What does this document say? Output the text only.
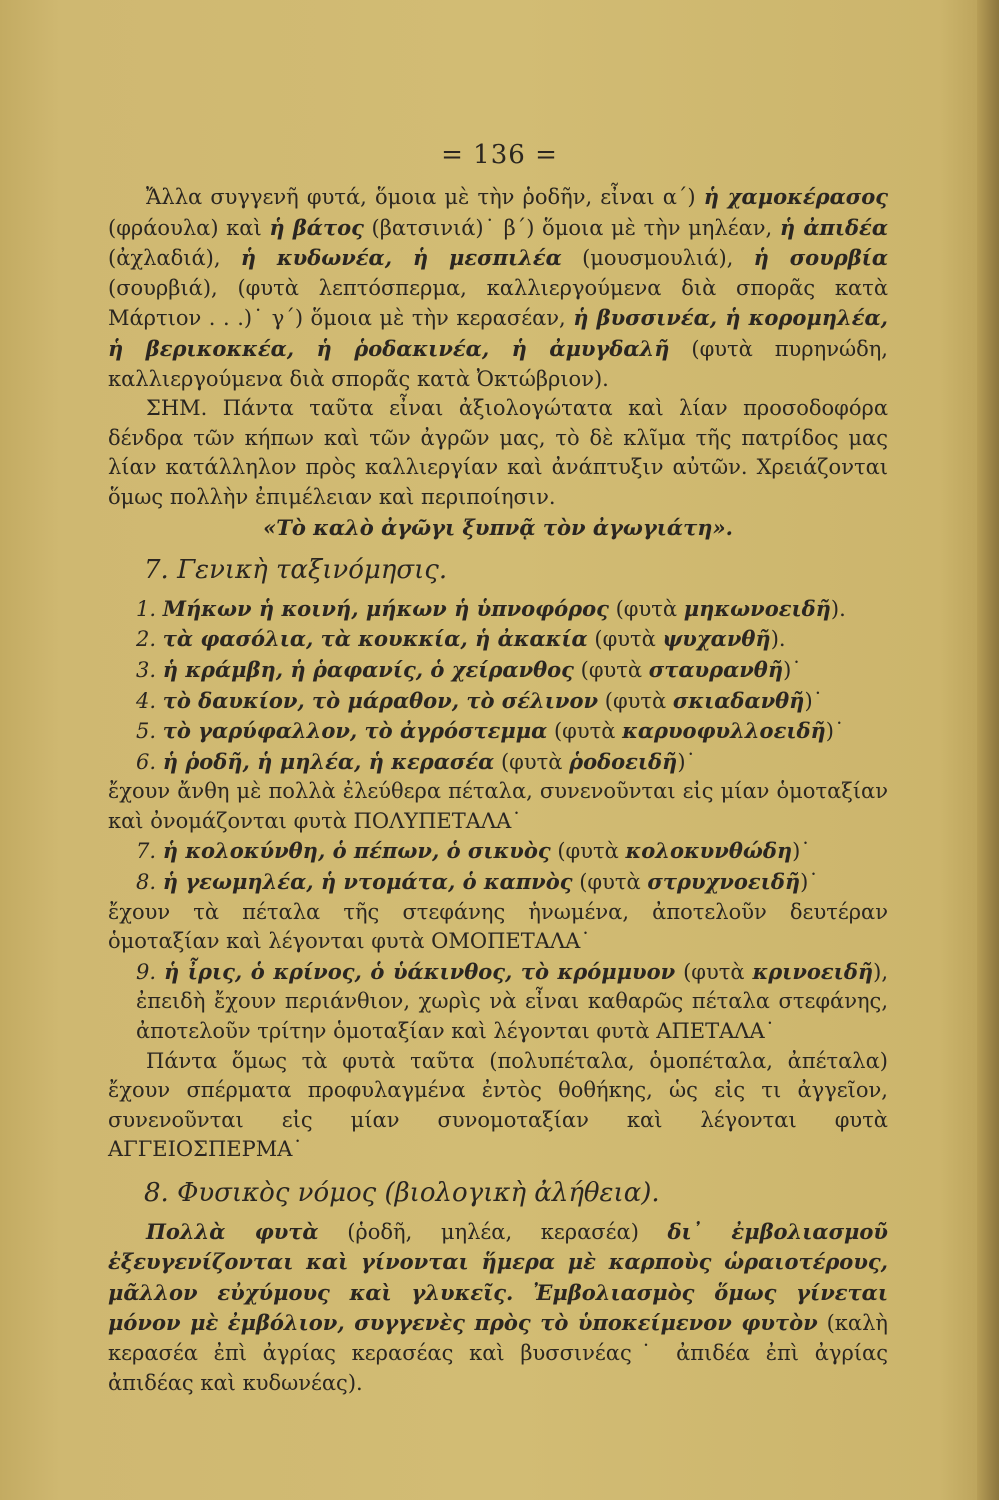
= 136 =

Ἄλλα συγγενῆ φυτά, ὅμοια μὲ τὴν ῥοδῆν, εἶναι α΄) ἡ χαμοκέρασος (φράουλα) καὶ ἡ βάτος (βατσινιά)˙ β΄) ὅμοια μὲ τὴν μηλέαν, ἡ ἀπιδέα (ἀχλαδιά), ἡ κυδωνέα, ἡ μεσπιλέα (μουσμουλιά), ἡ σουρβία (σουρβιά), (φυτὰ λεπτόσπερμα, καλλιεργούμενα διὰ σπορᾶς κατὰ Μάρτιον . . .)˙ γ΄) ὅμοια μὲ τὴν κερασέαν, ἡ βυσσινέα, ἡ κορομηλέα, ἡ βερικοκκέα, ἡ ῥοδακινέα, ἡ ἀμυγδαλῆ (φυτὰ πυρηνώδη, καλλιεργούμενα διὰ σπορᾶς κατὰ Ὀκτώβριον).

ΣΗΜ. Πάντα ταῦτα εἶναι ἀξιολογώτατα καὶ λίαν προσοδοφόρα δένδρα τῶν κήπων καὶ τῶν ἀγρῶν μας, τὸ δὲ κλῖμα τῆς πατρίδος μας λίαν κατάλληλον πρὸς καλλιεργίαν καὶ ἀνάπτυξιν αὐτῶν. Χρειάζονται ὅμως πολλὴν ἐπιμέλειαν καὶ περιποίησιν.

«Τὸ καλὸ ἀγῶγι ξυπνᾷ τὸν ἀγωγιάτη».

7. Γενικὴ ταξινόμησις.

1. Μήκων ἡ κοινή, μήκων ἡ ὑπνοφόρος (φυτὰ μηκωνοειδῆ).

2. τὰ φασόλια, τὰ κουκκία, ἡ ἀκακία (φυτὰ ψυχανθῆ).

3. ἡ κράμβη, ἡ ῥαφανίς, ὁ χείρανθος (φυτὰ σταυρανθῆ)˙

4. τὸ δαυκίον, τὸ μάραθον, τὸ σέλινον (φυτὰ σκιαδανθῆ)˙

5. τὸ γαρύφαλλον, τὸ ἀγρόστεμμα (φυτὰ καρυοφυλλοειδῆ)˙

6. ἡ ῥοδῆ, ἡ μηλέα, ἡ κερασέα (φυτὰ ῥοδοειδῆ)˙

ἔχουν ἄνθη μὲ πολλὰ ἐλεύθερα πέταλα, συνενοῦνται εἰς μίαν ὁμοταξίαν καὶ ὀνομάζονται φυτὰ ΠΟΛΥΠΕΤΑΛΑ˙

7. ἡ κολοκύνθη, ὁ πέπων, ὁ σικυὸς (φυτὰ κολοκυνθώδη)˙

8. ἡ γεωμηλέα, ἡ ντομάτα, ὁ καπνὸς (φυτὰ στρυχνοειδῆ)˙

ἔχουν τὰ πέταλα τῆς στεφάνης ἡνωμένα, ἀποτελοῦν δευτέραν ὁμοταξίαν καὶ λέγονται φυτὰ ΟΜΟΠΕΤΑΛΑ˙

9. ἡ ἶρις, ὁ κρίνος, ὁ ὑάκινθος, τὸ κρόμμυον (φυτὰ κρινοειδῆ), ἐπειδὴ ἔχουν περιάνθιον, χωρὶς νὰ εἶναι καθαρῶς πέταλα στεφάνης, ἀποτελοῦν τρίτην ὁμοταξίαν καὶ λέγονται φυτὰ ΑΠΕΤΑΛΑ˙

Πάντα ὅμως τὰ φυτὰ ταῦτα (πολυπέταλα, ὁμοπέταλα, ἀπέταλα) ἔχουν σπέρματα προφυλαγμένα ἐντὸς θοθήκης, ὡς εἰς τι ἀγγεῖον, συνενοῦνται εἰς μίαν συνομοταξίαν καὶ λέγονται φυτὰ ΑΓΓΕΙΟΣΠΕΡΜΑ˙

8. Φυσικὸς νόμος (βιολογικὴ ἀλήθεια).

Πολλὰ φυτὰ (ῥοδῆ, μηλέα, κερασέα) δι᾽ ἐμβολιασμοῦ ἐξευγενίζονται καὶ γίνονται ἥμερα μὲ καρποὺς ὡραιοτέρους, μᾶλλον εὐχύμους καὶ γλυκεῖς. Ἐμβολιασμὸς ὅμως γίνεται μόνον μὲ ἐμβόλιον, συγγενὲς πρὸς τὸ ὑποκείμενον φυτὸν (καλὴ κερασέα ἐπὶ ἀγρίας κερασέας καὶ βυσσινέας˙ ἀπιδέα ἐπὶ ἀγρίας ἀπιδέας καὶ κυδωνέας).
